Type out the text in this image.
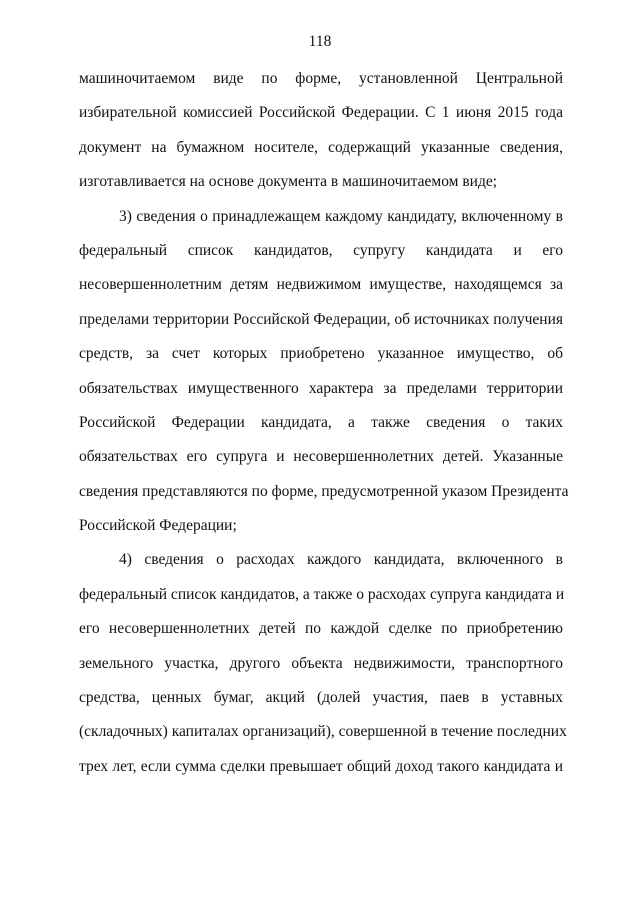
118

машиночитаемом виде по форме, установленной Центральной
избирательной комиссией Российской Федерации. С 1 июня 2015 года
документ на бумажном носителе, содержащий указанные сведения,
изготавливается на основе документа в машиночитаемом виде;

3) сведения о принадлежащем каждому кандидату, включенному в
федеральный список кандидатов, супругу кандидата и его
несовершеннолетним детям недвижимом имуществе, находящемся за
пределами территории Российской Федерации, об источниках получения
средств, за счет которых приобретено указанное имущество, об
обязательствах имущественного характера за пределами территории
Российской Федерации кандидата, а также сведения о таких
обязательствах его супруга и несовершеннолетних детей. Указанные
сведения представляются по форме, предусмотренной указом Президента
Российской Федерации;

4) сведения о расходах каждого кандидата, включенного в
федеральный список кандидатов, а также о расходах супруга кандидата и
его несовершеннолетних детей по каждой сделке по приобретению
земельного участка, другого объекта недвижимости, транспортного
средства, ценных бумаг, акций (долей участия, паев в уставных
(складочных) капиталах организаций), совершенной в течение последних
трех лет, если сумма сделки превышает общий доход такого кандидата и
